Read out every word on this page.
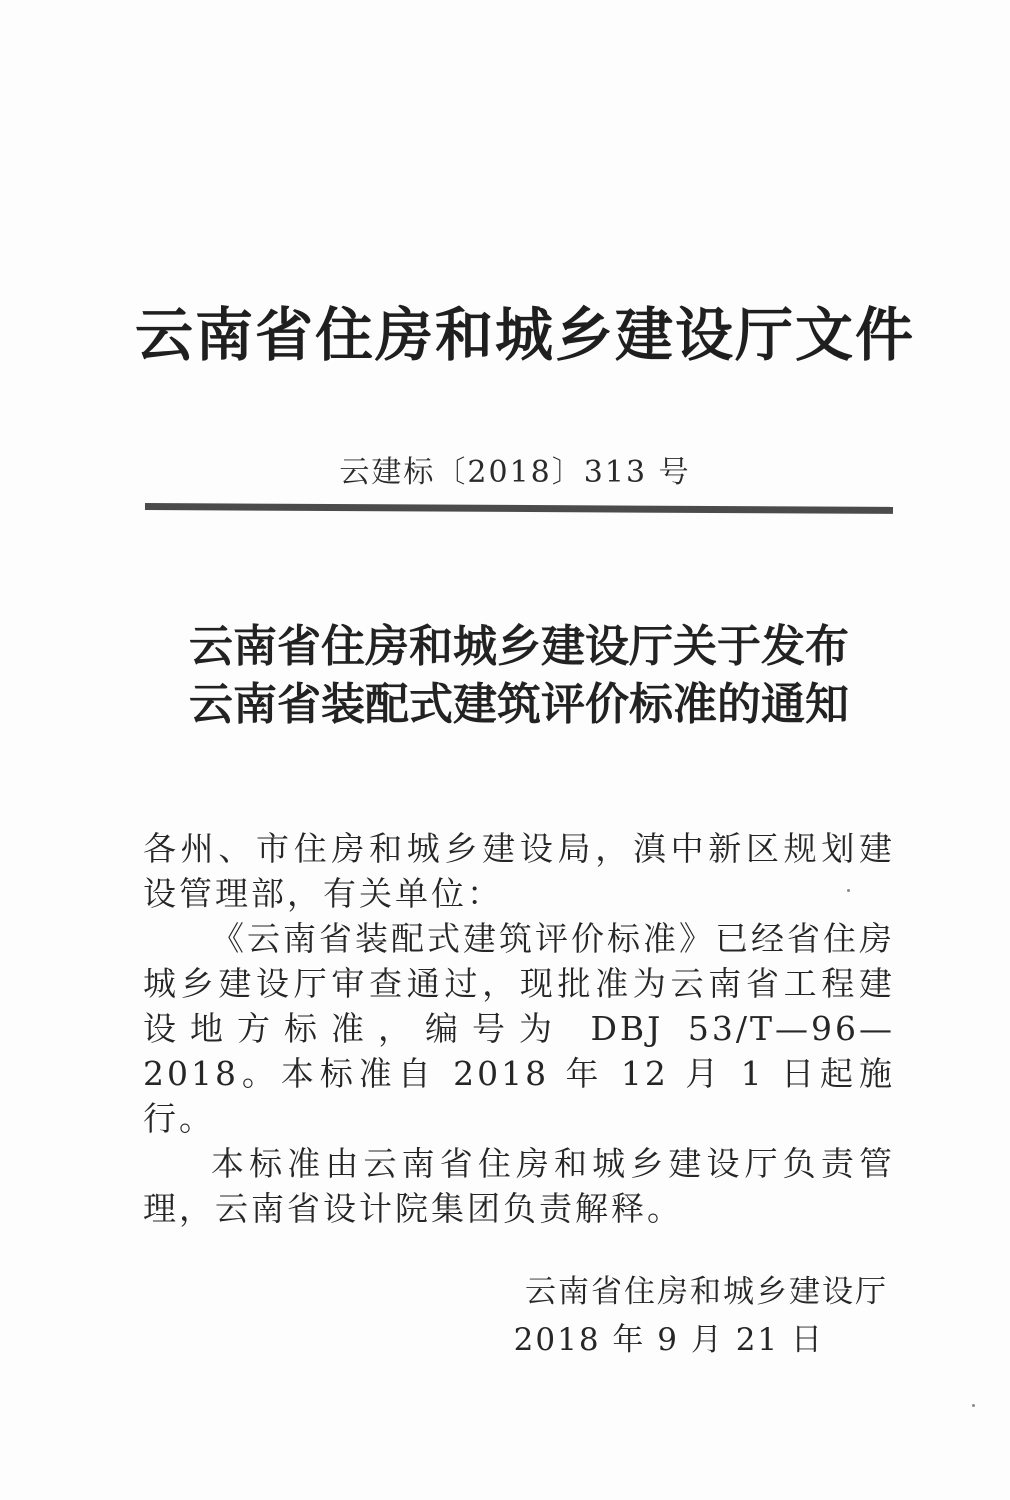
云南省住房和城乡建设厅文件
云建标〔2018〕313 号
云南省住房和城乡建设厅关于发布
云南省装配式建筑评价标准的通知

各州、市住房和城乡建设局，滇中新区规划建设管理部，有关单位：

《云南省装配式建筑评价标准》已经省住房城乡建设厅审查通过，现批准为云南省工程建设地方标准，编号为 DBJ 53/T—96—2018。本标准自 2018 年 12 月 1 日起施行。

本标准由云南省住房和城乡建设厅负责管理，云南省设计院集团负责解释。

云南省住房和城乡建设厅
2018 年 9 月 21 日
